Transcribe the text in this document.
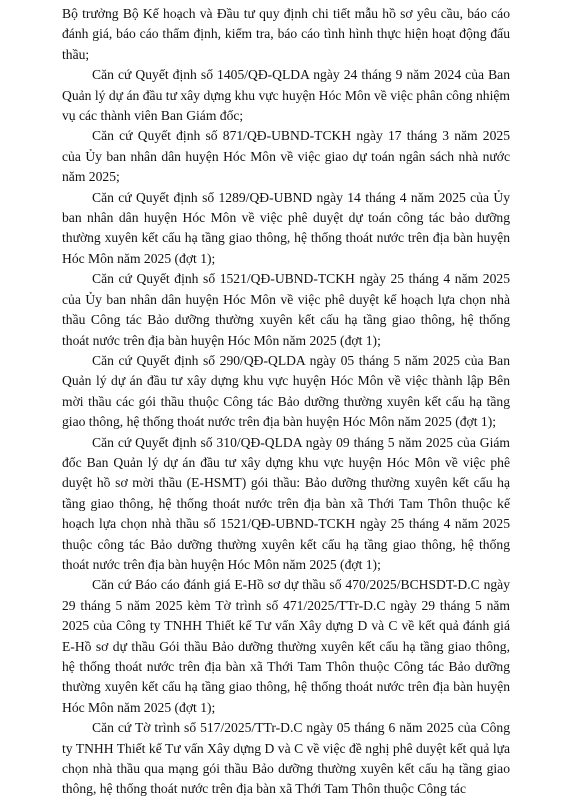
Bộ trưởng Bộ Kế hoạch và Đầu tư quy định chi tiết mẫu hồ sơ yêu cầu, báo cáo đánh giá, báo cáo thẩm định, kiểm tra, báo cáo tình hình thực hiện hoạt động đấu thầu;

Căn cứ Quyết định số 1405/QĐ-QLDA ngày 24 tháng 9 năm 2024 của Ban Quản lý dự án đầu tư xây dựng khu vực huyện Hóc Môn về việc phân công nhiệm vụ các thành viên Ban Giám đốc;

Căn cứ Quyết định số 871/QĐ-UBND-TCKH ngày 17 tháng 3 năm 2025 của Ủy ban nhân dân huyện Hóc Môn về việc giao dự toán ngân sách nhà nước năm 2025;

Căn cứ Quyết định số 1289/QĐ-UBND ngày 14 tháng 4 năm 2025 của Ủy ban nhân dân huyện Hóc Môn về việc phê duyệt dự toán công tác bảo dưỡng thường xuyên kết cấu hạ tầng giao thông, hệ thống thoát nước trên địa bàn huyện Hóc Môn năm 2025 (đợt 1);

Căn cứ Quyết định số 1521/QĐ-UBND-TCKH ngày 25 tháng 4 năm 2025 của Ủy ban nhân dân huyện Hóc Môn về việc phê duyệt kế hoạch lựa chọn nhà thầu Công tác Bảo dưỡng thường xuyên kết cấu hạ tầng giao thông, hệ thống thoát nước trên địa bàn huyện Hóc Môn năm 2025 (đợt 1);

Căn cứ Quyết định số 290/QĐ-QLDA ngày 05 tháng 5 năm 2025 của Ban Quản lý dự án đầu tư xây dựng khu vực huyện Hóc Môn về việc thành lập Bên mời thầu các gói thầu thuộc Công tác Bảo dưỡng thường xuyên kết cấu hạ tầng giao thông, hệ thống thoát nước trên địa bàn huyện Hóc Môn năm 2025 (đợt 1);

Căn cứ Quyết định số 310/QĐ-QLDA ngày 09 tháng 5 năm 2025 của Giám đốc Ban Quản lý dự án đầu tư xây dựng khu vực huyện Hóc Môn về việc phê duyệt hồ sơ mời thầu (E-HSMT) gói thầu: Bảo dưỡng thường xuyên kết cấu hạ tầng giao thông, hệ thống thoát nước trên địa bàn xã Thới Tam Thôn thuộc kế hoạch lựa chọn nhà thầu số 1521/QĐ-UBND-TCKH ngày 25 tháng 4 năm 2025 thuộc công tác Bảo dưỡng thường xuyên kết cấu hạ tầng giao thông, hệ thống thoát nước trên địa bàn huyện Hóc Môn năm 2025 (đợt 1);

Căn cứ Báo cáo đánh giá E-Hồ sơ dự thầu số 470/2025/BCHSDT-D.C ngày 29 tháng 5 năm 2025 kèm Tờ trình số 471/2025/TTr-D.C ngày 29 tháng 5 năm 2025 của Công ty TNHH Thiết kế Tư vấn Xây dựng D và C về kết quả đánh giá E-Hồ sơ dự thầu Gói thầu Bảo dưỡng thường xuyên kết cấu hạ tầng giao thông, hệ thống thoát nước trên địa bàn xã Thới Tam Thôn thuộc Công tác Bảo dưỡng thường xuyên kết cấu hạ tầng giao thông, hệ thống thoát nước trên địa bàn huyện Hóc Môn năm 2025 (đợt 1);

Căn cứ Tờ trình số 517/2025/TTr-D.C ngày 05 tháng 6 năm 2025 của Công ty TNHH Thiết kế Tư vấn Xây dựng D và C về việc đề nghị phê duyệt kết quả lựa chọn nhà thầu qua mạng gói thầu Bảo dưỡng thường xuyên kết cấu hạ tầng giao thông, hệ thống thoát nước trên địa bàn xã Thới Tam Thôn thuộc Công tác
